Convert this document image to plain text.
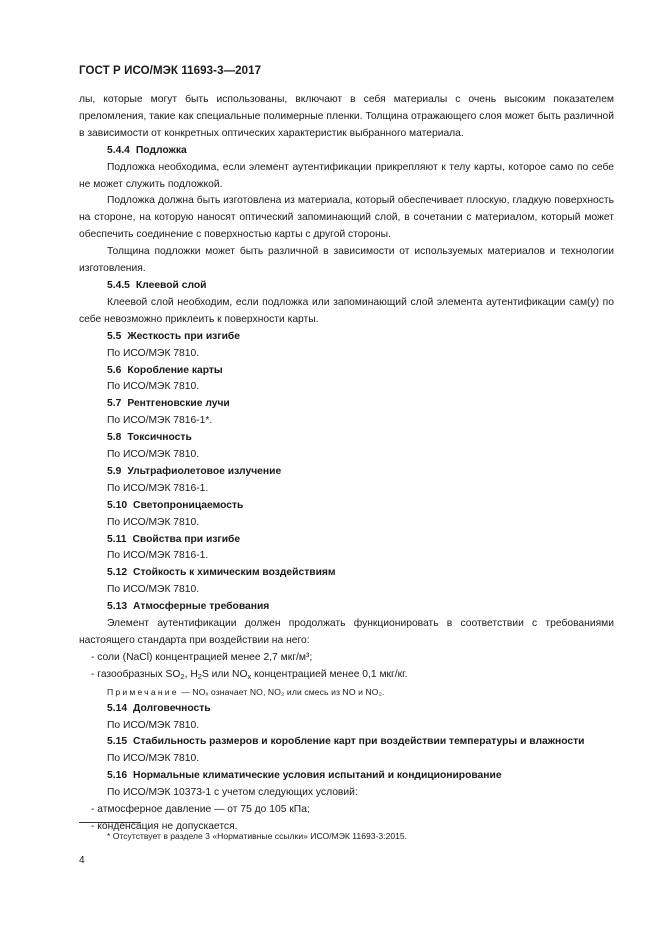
ГОСТ Р ИСО/МЭК 11693-3—2017

лы, которые могут быть использованы, включают в себя материалы с очень высоким показателем преломления, такие как специальные полимерные пленки. Толщина отражающего слоя может быть различной в зависимости от конкретных оптических характеристик выбранного материала.

5.4.4 Подложка

Подложка необходима, если элемент аутентификации прикрепляют к телу карты, которое само по себе не может служить подложкой.

Подложка должна быть изготовлена из материала, который обеспечивает плоскую, гладкую поверхность на стороне, на которую наносят оптический запоминающий слой, в сочетании с материалом, который может обеспечить соединение с поверхностью карты с другой стороны.

Толщина подложки может быть различной в зависимости от используемых материалов и технологии изготовления.

5.4.5 Клеевой слой

Клеевой слой необходим, если подложка или запоминающий слой элемента аутентификации сам(у) по себе невозможно приклеить к поверхности карты.

5.5 Жесткость при изгибе

По ИСО/МЭК 7810.

5.6 Коробление карты

По ИСО/МЭК 7810.

5.7 Рентгеновские лучи

По ИСО/МЭК 7816-1*.

5.8 Токсичность

По ИСО/МЭК 7810.

5.9 Ультрафиолетовое излучение

По ИСО/МЭК 7816-1.

5.10 Светопроницаемость

По ИСО/МЭК 7810.

5.11 Свойства при изгибе

По ИСО/МЭК 7816-1.

5.12 Стойкость к химическим воздействиям

По ИСО/МЭК 7810.

5.13 Атмосферные требования

Элемент аутентификации должен продолжать функционировать в соответствии с требованиями настоящего стандарта при воздействии на него:

- соли (NaCl) концентрацией менее 2,7 мкг/м³;

- газообразных $SO_2$, $H_2S$ или $NO_x$ концентрацией менее 0,1 мкг/кг.

Примечание — NOₓ означает NO, NO₂ или смесь из NO и NO₂.

5.14 Долговечность

По ИСО/МЭК 7810.

5.15 Стабильность размеров и коробление карт при воздействии температуры и влажности

По ИСО/МЭК 7810.

5.16 Нормальные климатические условия испытаний и кондиционирование

По ИСО/МЭК 10373-1 с учетом следующих условий:

- атмосферное давление — от 75 до 105 кПа;

- конденсация не допускается.

* Отсутствует в разделе 3 «Нормативные ссылки» ИСО/МЭК 11693-3:2015.
4
